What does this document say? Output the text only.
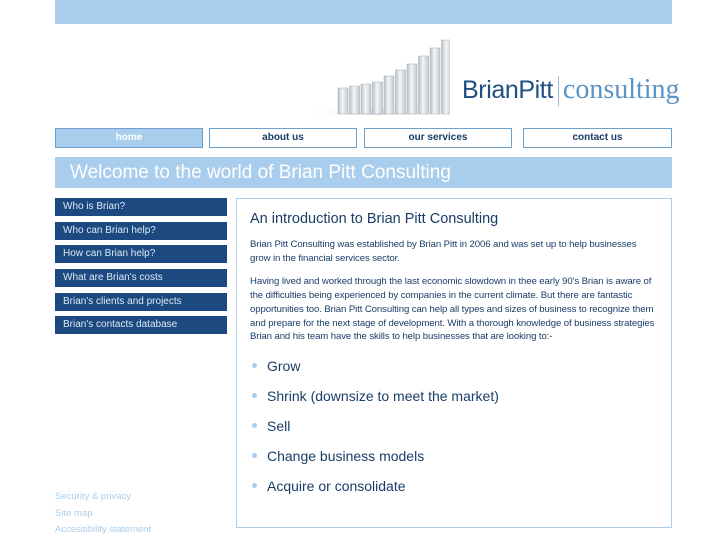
BrianPitt consulting
home	about us	our services	contact us
Welcome to the world of Brian Pitt Consulting
Who is Brian?
Who can Brian help?
How can Brian help?
What are Brian's costs
Brian's clients and projects
Brian's contacts database
Security & privacy
Site map
Accessibility statement
An introduction to Brian Pitt Consulting

Brian Pitt Consulting was established by Brian Pitt in 2006 and was set up to help businesses grow in the financial services sector.

Having lived and worked through the last economic slowdown in thee early 90's Brian is aware of the difficulties being experienced by companies in the current climate. But there are fantastic opportunities too. Brian Pitt Consulting can help all types and sizes of business to recognize them and prepare for the next stage of development. With a thorough knowledge of business strategies Brian and his team have the skills to help businesses that are looking to:-

Grow
Shrink (downsize to meet the market)
Sell
Change business models
Acquire or consolidate
